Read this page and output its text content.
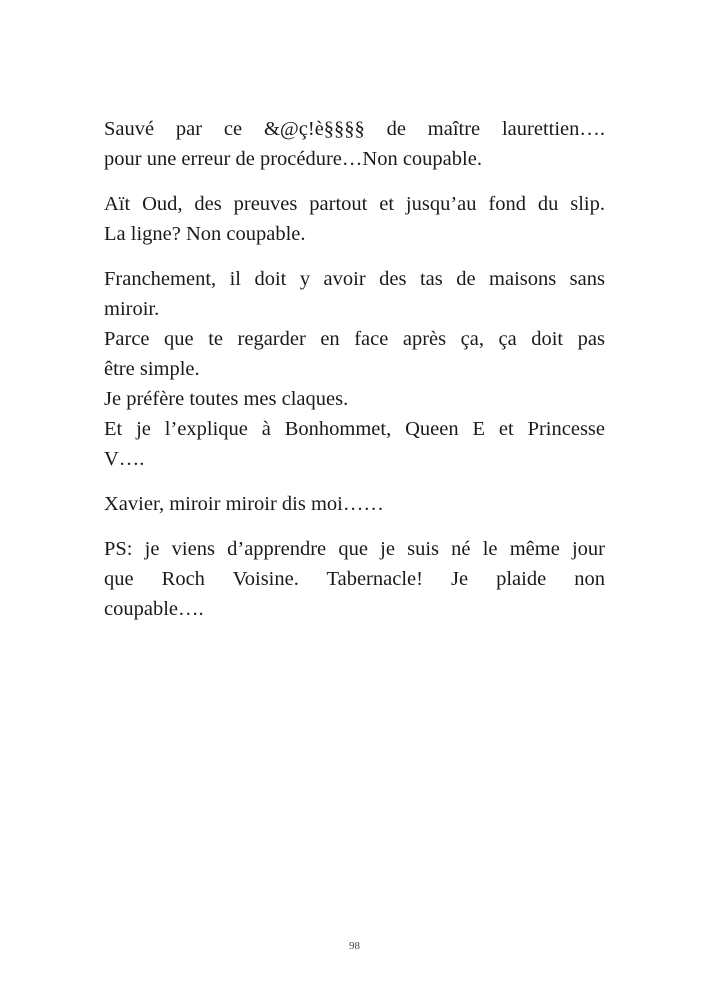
Sauvé par ce &@ç!è§§§§ de maître laurettien….
pour une erreur de procédure…Non coupable.
Aït Oud, des preuves partout et jusqu’au fond du slip.
La ligne? Non coupable.
Franchement, il doit y avoir des tas de maisons sans
miroir.
Parce que te regarder en face après ça, ça doit pas
être simple.
Je préfère toutes mes claques.
Et je l’explique à Bonhommet, Queen E et Princesse
V….
Xavier, miroir miroir dis moi……
PS: je viens d’apprendre que je suis né le même jour
que Roch Voisine. Tabernacle! Je plaide non
coupable….
98
